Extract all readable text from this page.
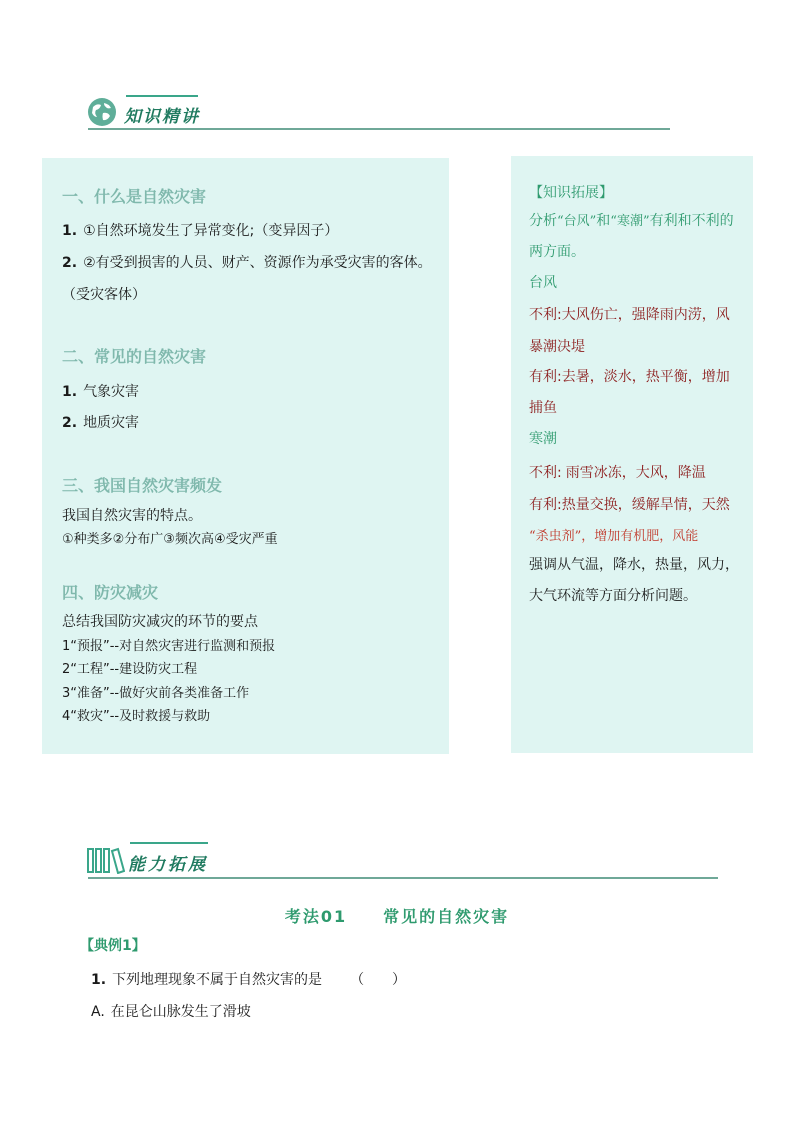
知识精讲
一、什么是自然灾害
1. ①自然环境发生了异常变化;（变异因子）
2. ②有受到损害的人员、财产、资源作为承受灾害的客体。
（受灾客体）
二、常见的自然灾害
1. 气象灾害
2. 地质灾害
三、我国自然灾害频发
我国自然灾害的特点。
①种类多②分布广③频次高④受灾严重
四、防灾减灾
总结我国防灾减灾的环节的要点
1“预报”--对自然灾害进行监测和预报
2“工程”--建设防灾工程
3“准备”--做好灾前各类准备工作
4“救灾”--及时救援与救助
【知识拓展】
分析“台风”和“寒潮”有利和不利的两方面。
台风
不利:大风伤亡，强降雨内涝，风暴潮决堤
有利:去暑，淡水，热平衡，增加捕鱼
寒潮
不利: 雨雪冰冻，大风，降温
有利:热量交换，缓解旱情，天然
“杀虫剂”，增加有机肥，风能
强调从气温，降水，热量，风力，大气环流等方面分析问题。
能力拓展
考法01　　常见的自然灾害
【典例1】
1. 下列地理现象不属于自然灾害的是 （　　）
A. 在昆仑山脉发生了滑坡
